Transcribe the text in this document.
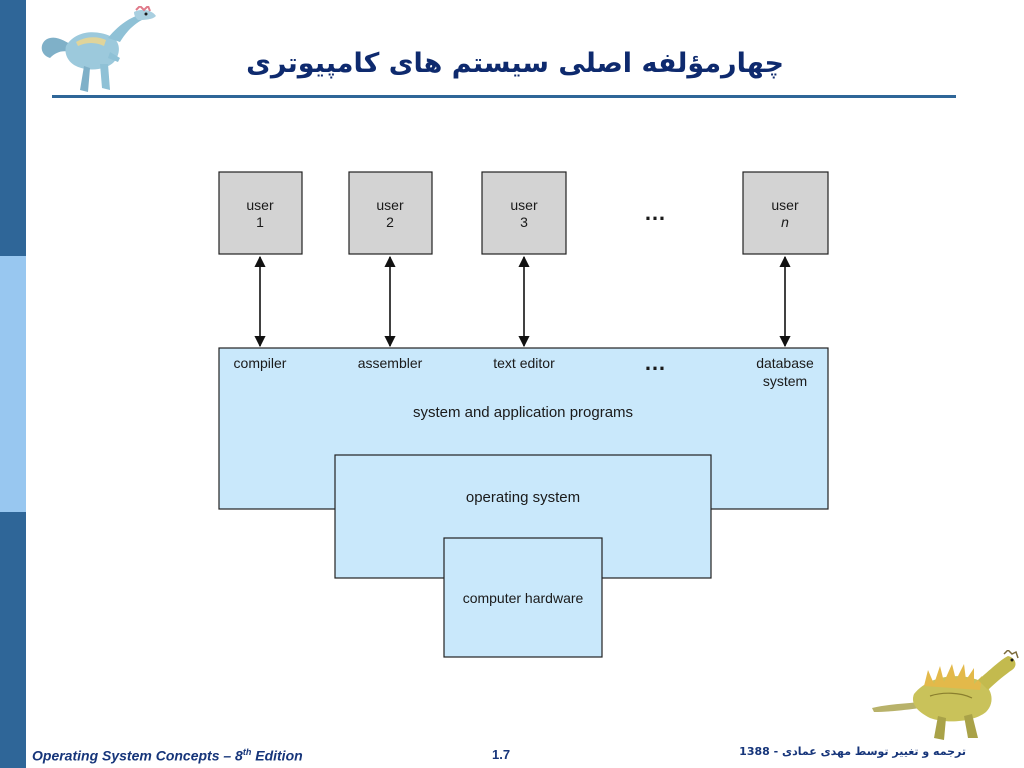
چهارمؤلفه اصلی سیستم های کامپیوتری
user
1
user
2
user
3
user
n
…
compiler	assembler	text editor	…	database
system
system and application programs
operating system
computer hardware
Operating System Concepts – 8th Edition	1.7	ترجمه و تغییر توسط مهدی عمادی - 1388
